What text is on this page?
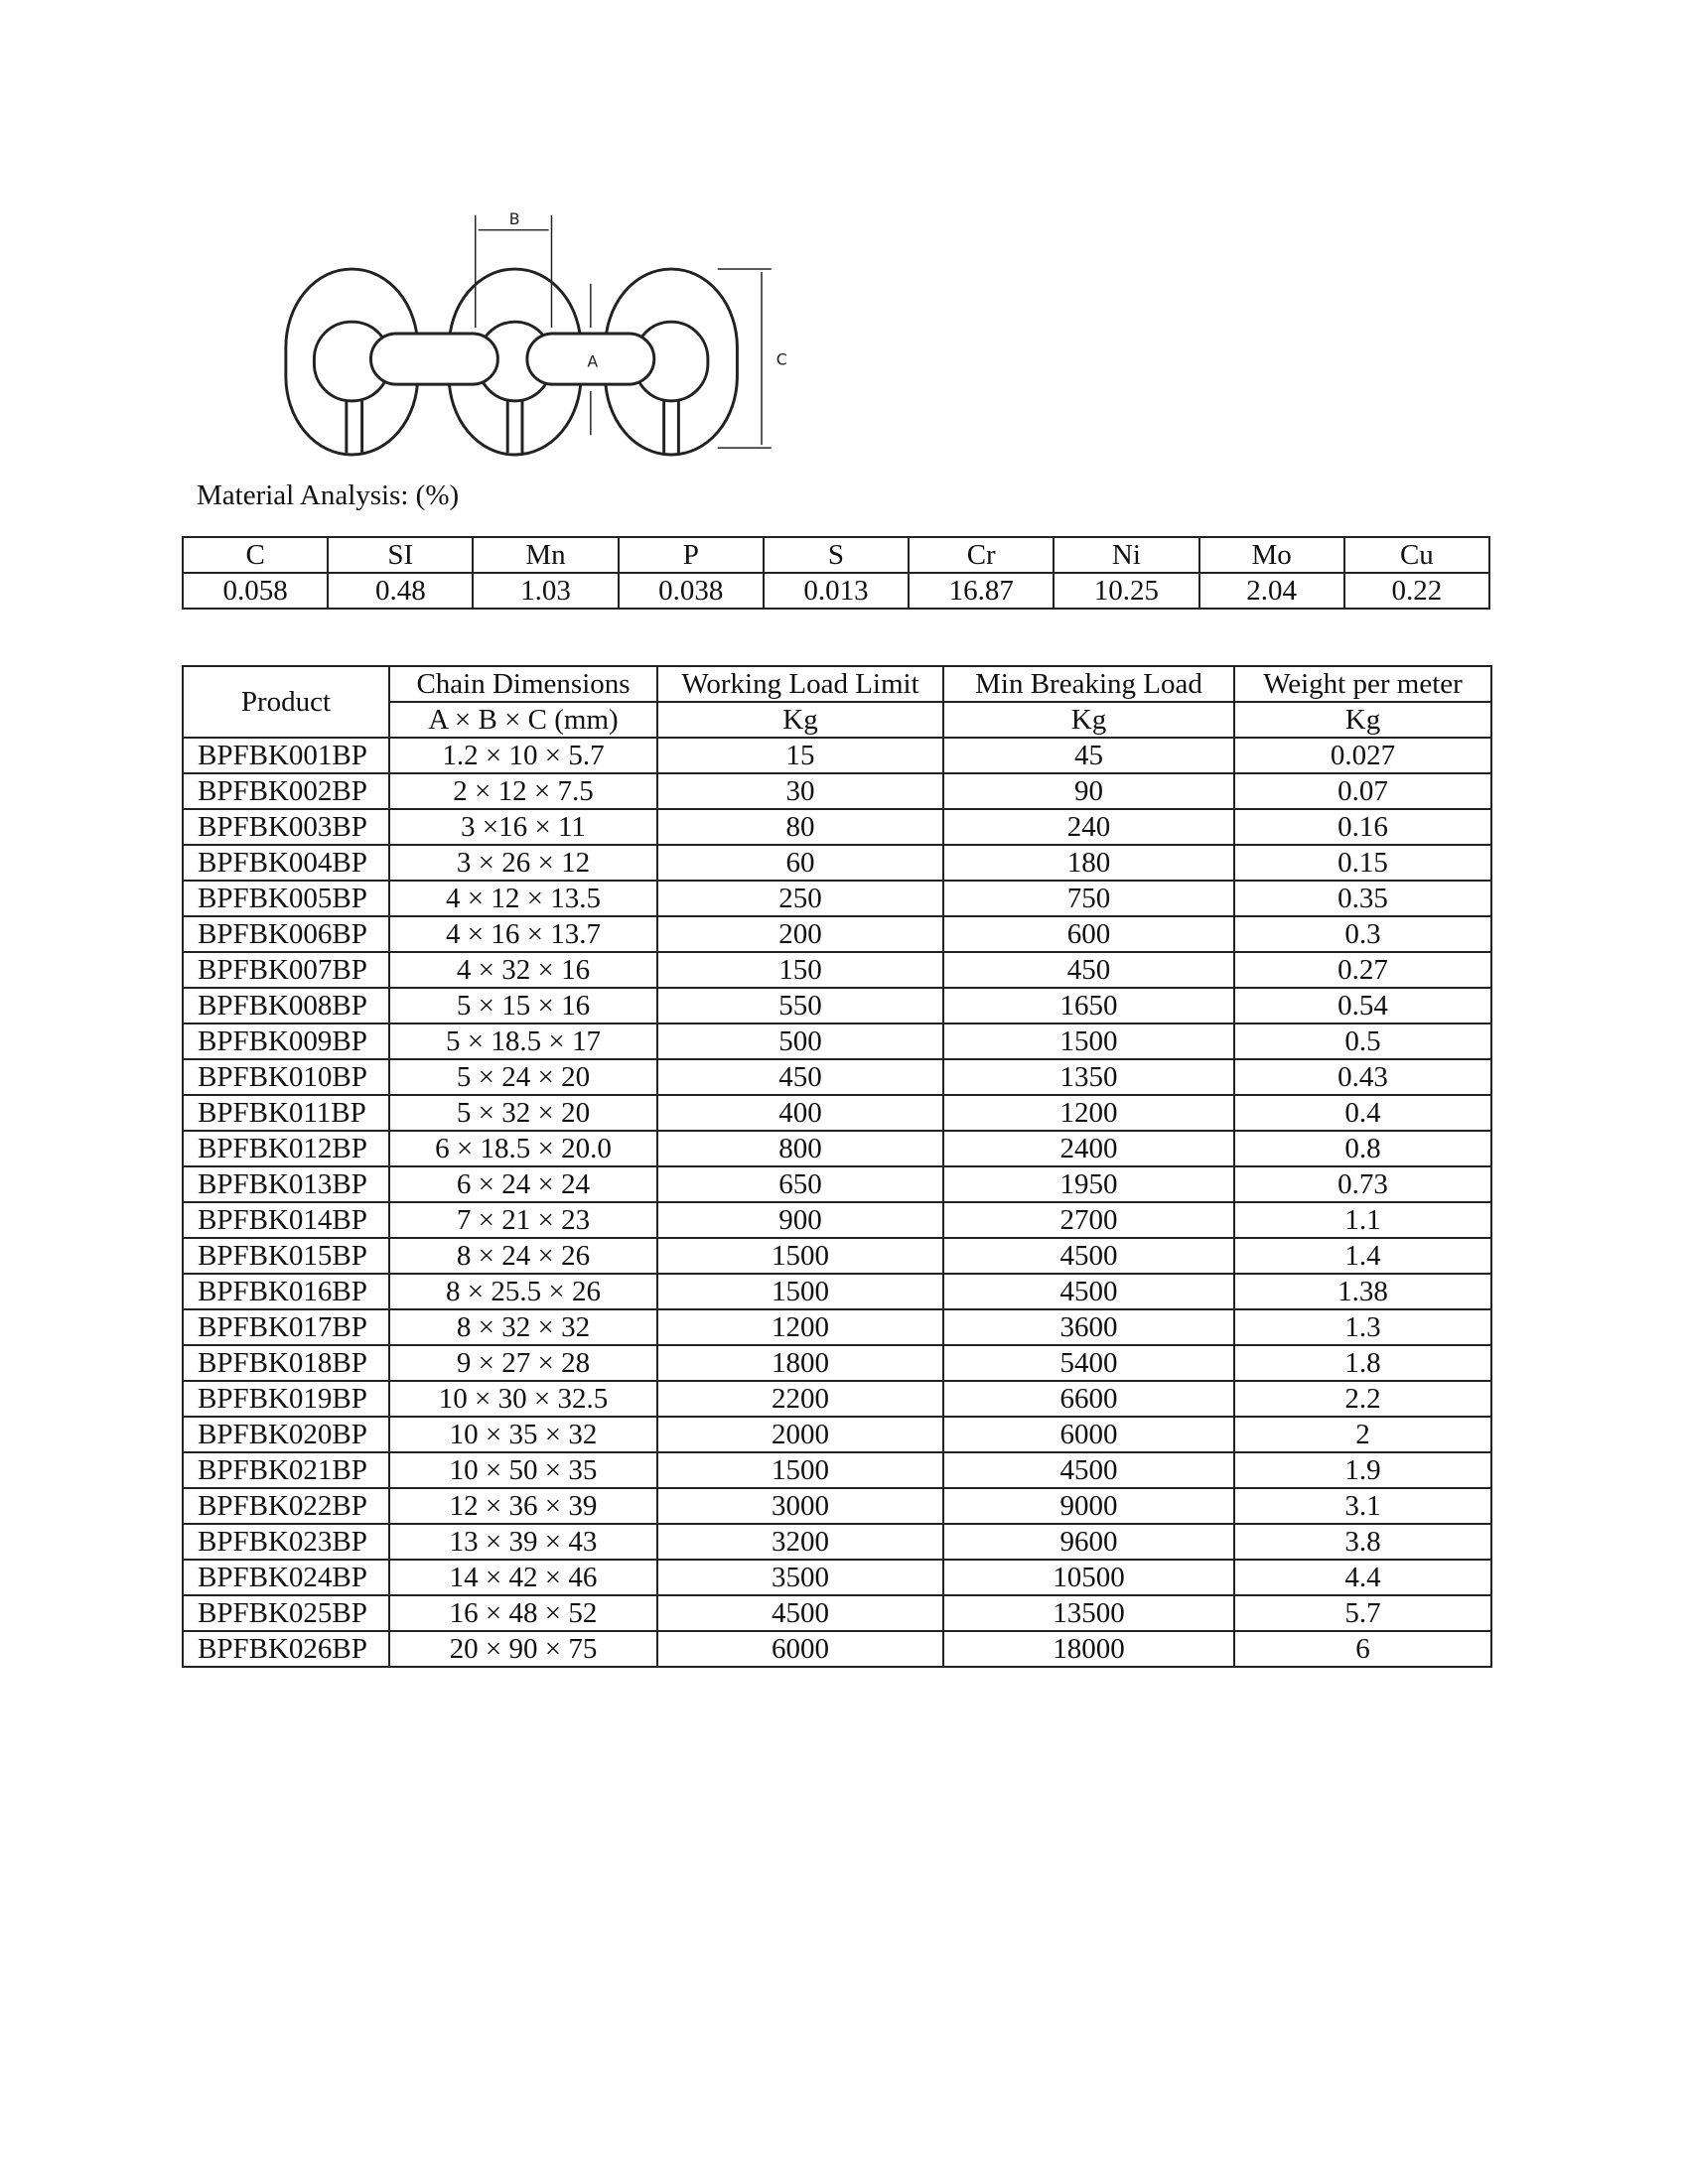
B
A	C
Material Analysis: (%)
C	SI	Mn	P	S	Cr	Ni	Mo	Cu
0.058	0.48	1.03	0.038	0.013	16.87	10.25	2.04	0.22
Product	Chain Dimensions	Working Load Limit	Min Breaking Load	Weight per meter
	A × B × C (mm)	Kg	Kg	Kg
BPFBK001BP	1.2 × 10 × 5.7	15	45	0.027
BPFBK002BP	2 × 12 × 7.5	30	90	0.07
BPFBK003BP	3 ×16 × 11	80	240	0.16
BPFBK004BP	3 × 26 × 12	60	180	0.15
BPFBK005BP	4 × 12 × 13.5	250	750	0.35
BPFBK006BP	4 × 16 × 13.7	200	600	0.3
BPFBK007BP	4 × 32 × 16	150	450	0.27
BPFBK008BP	5 × 15 × 16	550	1650	0.54
BPFBK009BP	5 × 18.5 × 17	500	1500	0.5
BPFBK010BP	5 × 24 × 20	450	1350	0.43
BPFBK011BP	5 × 32 × 20	400	1200	0.4
BPFBK012BP	6 × 18.5 × 20.0	800	2400	0.8
BPFBK013BP	6 × 24 × 24	650	1950	0.73
BPFBK014BP	7 × 21 × 23	900	2700	1.1
BPFBK015BP	8 × 24 × 26	1500	4500	1.4
BPFBK016BP	8 × 25.5 × 26	1500	4500	1.38
BPFBK017BP	8 × 32 × 32	1200	3600	1.3
BPFBK018BP	9 × 27 × 28	1800	5400	1.8
BPFBK019BP	10 × 30 × 32.5	2200	6600	2.2
BPFBK020BP	10 × 35 × 32	2000	6000	2
BPFBK021BP	10 × 50 × 35	1500	4500	1.9
BPFBK022BP	12 × 36 × 39	3000	9000	3.1
BPFBK023BP	13 × 39 × 43	3200	9600	3.8
BPFBK024BP	14 × 42 × 46	3500	10500	4.4
BPFBK025BP	16 × 48 × 52	4500	13500	5.7
BPFBK026BP	20 × 90 × 75	6000	18000	6
